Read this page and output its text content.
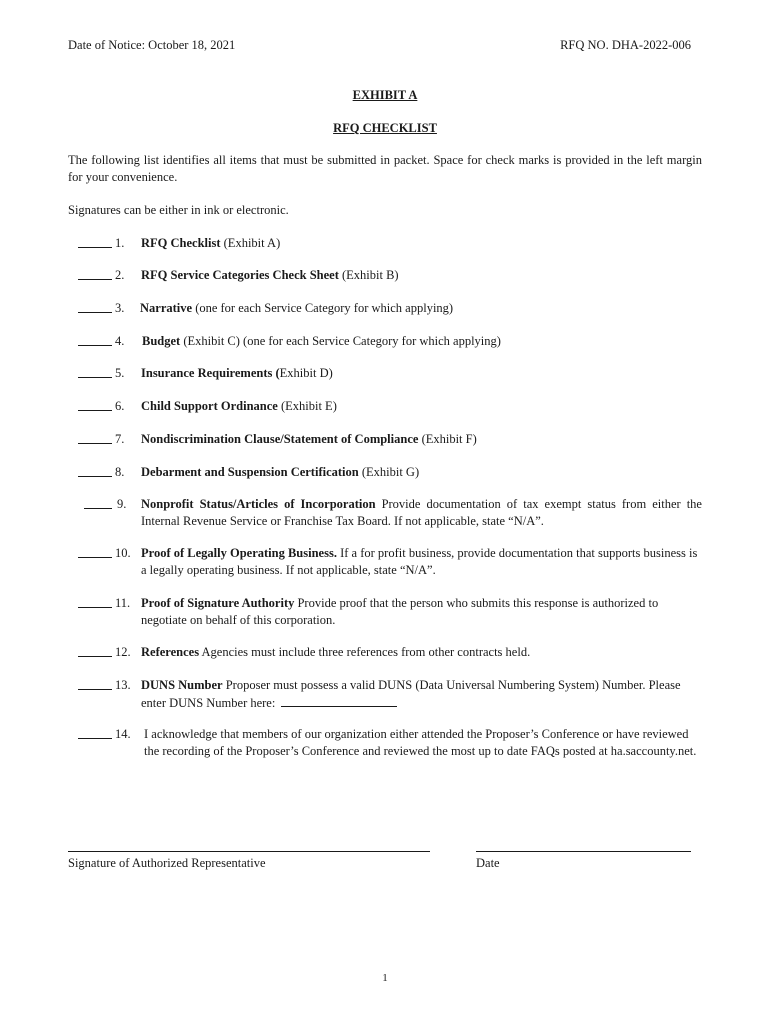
Date of Notice: October 18, 2021	RFQ NO. DHA-2022-006
EXHIBIT A
RFQ CHECKLIST
The following list identifies all items that must be submitted in packet. Space for check marks is provided in the left margin for your convenience.
Signatures can be either in ink or electronic.
1. RFQ Checklist (Exhibit A)
2. RFQ Service Categories Check Sheet (Exhibit B)
3. Narrative (one for each Service Category for which applying)
4. Budget (Exhibit C) (one for each Service Category for which applying)
5. Insurance Requirements (Exhibit D)
6. Child Support Ordinance (Exhibit E)
7. Nondiscrimination Clause/Statement of Compliance (Exhibit F)
8. Debarment and Suspension Certification (Exhibit G)
9. Nonprofit Status/Articles of Incorporation Provide documentation of tax exempt status from either the Internal Revenue Service or Franchise Tax Board. If not applicable, state “N/A”.
10. Proof of Legally Operating Business. If a for profit business, provide documentation that supports business is a legally operating business. If not applicable, state “N/A”.
11. Proof of Signature Authority Provide proof that the person who submits this response is authorized to negotiate on behalf of this corporation.
12. References Agencies must include three references from other contracts held.
13. DUNS Number Proposer must possess a valid DUNS (Data Universal Numbering System) Number. Please enter DUNS Number here:
14. I acknowledge that members of our organization either attended the Proposer’s Conference or have reviewed the recording of the Proposer’s Conference and reviewed the most up to date FAQs posted at ha.saccounty.net.
Signature of Authorized Representative	Date
1
